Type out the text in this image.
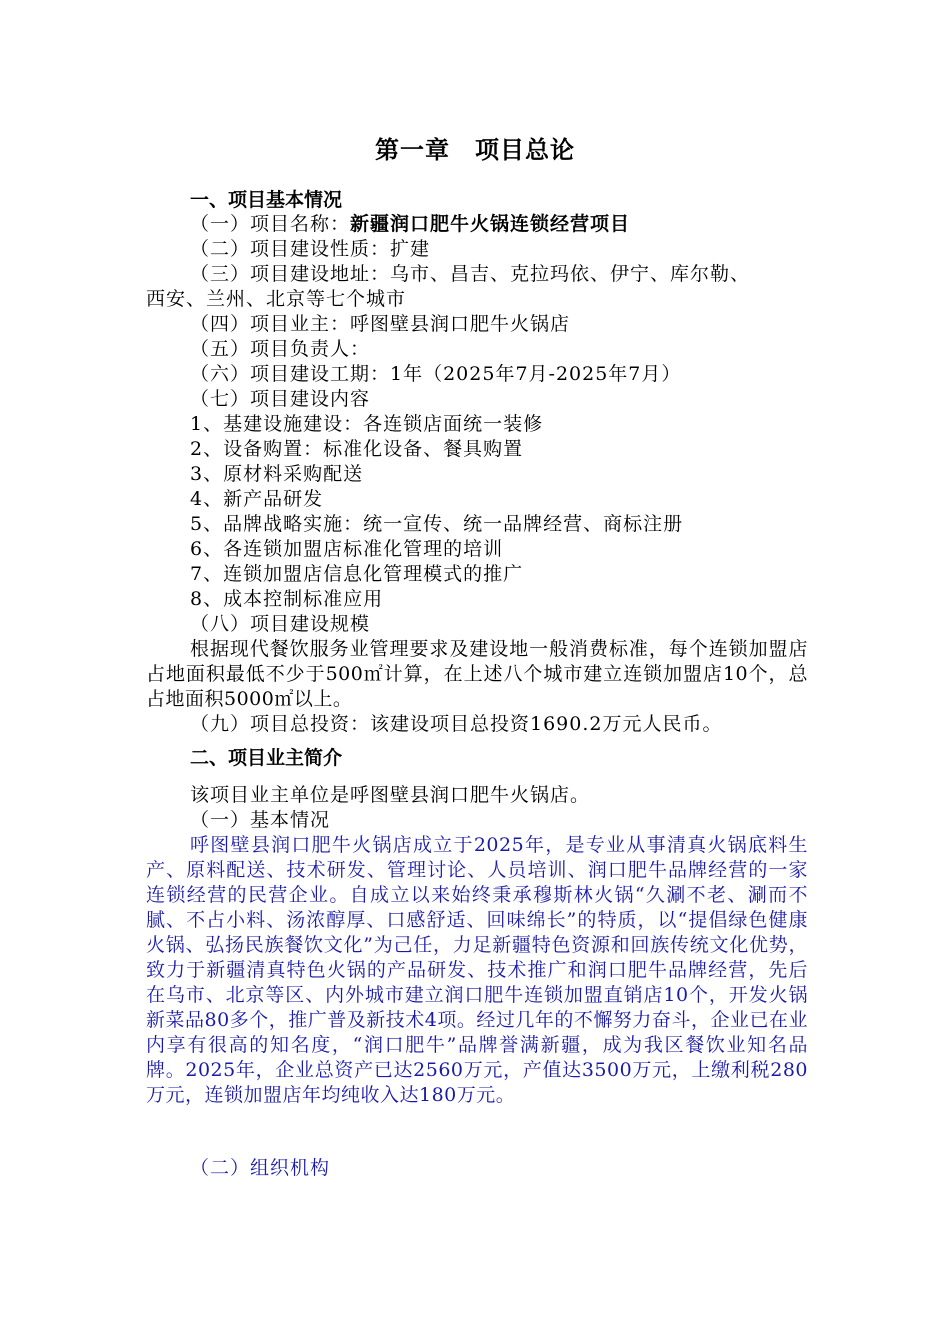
第一章　项目总论
一、项目基本情况
（一）项目名称：新疆润口肥牛火锅连锁经营项目
（二）项目建设性质：扩建
（三）项目建设地址：乌市、昌吉、克拉玛依、伊宁、库尔勒、
西安、兰州、北京等七个城市
（四）项目业主：呼图壁县润口肥牛火锅店
（五）项目负责人：
（六）项目建设工期：1年（2025年7月-2025年7月）
（七）项目建设内容
1、基建设施建设：各连锁店面统一装修
2、设备购置：标准化设备、餐具购置
3、原材料采购配送
4、新产品研发
5、品牌战略实施：统一宣传、统一品牌经营、商标注册
6、各连锁加盟店标准化管理的培训
7、连锁加盟店信息化管理模式的推广
8、成本控制标准应用
（八）项目建设规模
根据现代餐饮服务业管理要求及建设地一般消费标准，每个连锁加盟店占地面积最低不少于500㎡计算，在上述八个城市建立连锁加盟店10个，总占地面积5000㎡以上。
（九）项目总投资：该建设项目总投资1690.2万元人民币。
二、项目业主简介
该项目业主单位是呼图壁县润口肥牛火锅店。
（一）基本情况
呼图壁县润口肥牛火锅店成立于2025年，是专业从事清真火锅底料生产、原料配送、技术研发、管理讨论、人员培训、润口肥牛品牌经营的一家连锁经营的民营企业。自成立以来始终秉承穆斯林火锅“久涮不老、涮而不腻、不占小料、汤浓醇厚、口感舒适、回味绵长”的特质，以“提倡绿色健康火锅、弘扬民族餐饮文化”为己任，力足新疆特色资源和回族传统文化优势，致力于新疆清真特色火锅的产品研发、技术推广和润口肥牛品牌经营，先后在乌市、北京等区、内外城市建立润口肥牛连锁加盟直销店10个，开发火锅新菜品80多个，推广普及新技术4项。经过几年的不懈努力奋斗，企业已在业内享有很高的知名度，“润口肥牛”品牌誉满新疆，成为我区餐饮业知名品牌。2025年，企业总资产已达2560万元，产值达3500万元，上缴利税280万元，连锁加盟店年均纯收入达180万元。
（二）组织机构
